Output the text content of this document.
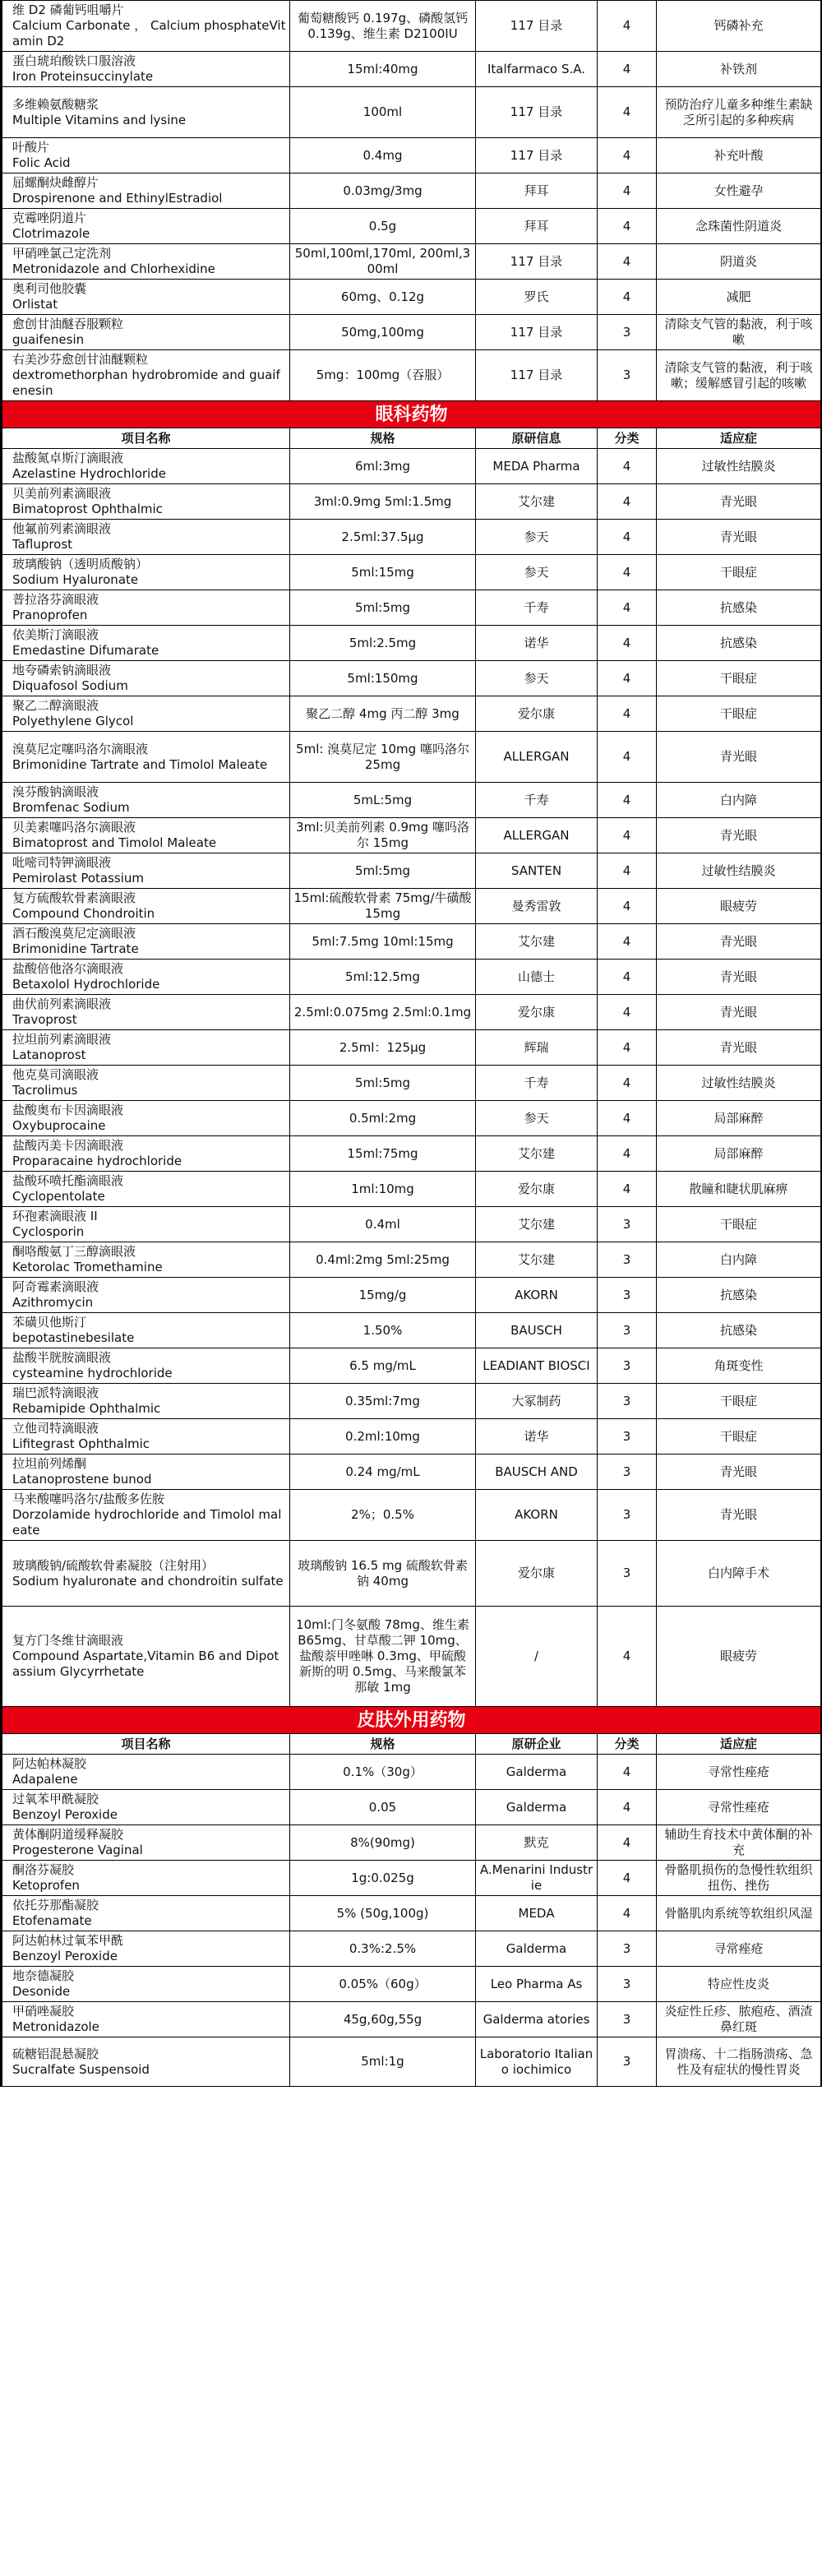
维 D2 磷葡钙咀嚼片
Calcium Carbonate ， Calcium phosphateVitamin D2	葡萄糖酸钙 0.197g、磷酸氢钙 0.139g、维生素 D2100IU	117 目录	4	钙磷补充

蛋白琥珀酸铁口服溶液
Iron Proteinsuccinylate	15ml:40mg	Italfarmaco S.A.	4	补铁剂

多维赖氨酸糖浆
Multiple Vitamins and lysine	100ml	117 目录	4	预防治疗儿童多种维生素缺乏所引起的多种疾病

叶酸片
Folic Acid	0.4mg	117 目录	4	补充叶酸

屈螺酮炔雌醇片
Drospirenone and EthinylEstradiol	0.03mg/3mg	拜耳	4	女性避孕

克霉唑阴道片
Clotrimazole	0.5g	拜耳	4	念珠菌性阴道炎

甲硝唑氯己定洗剂
Metronidazole and Chlorhexidine	50ml,100ml,170ml, 200ml,300ml	117 目录	4	阴道炎

奥利司他胶囊
Orlistat	60mg、0.12g	罗氏	4	减肥

愈创甘油醚吞服颗粒
guaifenesin	50mg,100mg	117 目录	3	清除支气管的黏液，利于咳嗽

右美沙芬愈创甘油醚颗粒
dextromethorphan hydrobromide and guaifenesin	5mg：100mg（吞服）	117 目录	3	清除支气管的黏液，利于咳嗽；缓解感冒引起的咳嗽
眼科药物				
项目名称	规格	原研信息	分类	适应症

盐酸氮卓斯汀滴眼液
Azelastine Hydrochloride	6ml:3mg	MEDA Pharma	4	过敏性结膜炎

贝美前列素滴眼液
Bimatoprost Ophthalmic	3ml:0.9mg 5ml:1.5mg	艾尔建	4	青光眼

他氟前列素滴眼液
Tafluprost	2.5ml:37.5μg	参天	4	青光眼

玻璃酸钠（透明质酸钠）
Sodium Hyaluronate	5ml:15mg	参天	4	干眼症

普拉洛芬滴眼液
Pranoprofen	5ml:5mg	千寿	4	抗感染

依美斯汀滴眼液
Emedastine Difumarate	5ml:2.5mg	诺华	4	抗感染

地夸磷索钠滴眼液
Diquafosol Sodium	5ml:150mg	参天	4	干眼症

聚乙二醇滴眼液
Polyethylene Glycol	聚乙二醇 4mg 丙二醇 3mg	爱尔康	4	干眼症

溴莫尼定噻吗洛尔滴眼液
Brimonidine Tartrate and Timolol Maleate	5ml: 溴莫尼定 10mg 噻吗洛尔 25mg	ALLERGAN	4	青光眼

溴芬酸钠滴眼液
Bromfenac Sodium	5mL:5mg	千寿	4	白内障

贝美素噻吗洛尔滴眼液
Bimatoprost and Timolol Maleate	3ml:贝美前列素 0.9mg 噻吗洛尔 15mg	ALLERGAN	4	青光眼

吡嘧司特钾滴眼液
Pemirolast Potassium	5ml:5mg	SANTEN	4	过敏性结膜炎

复方硫酸软骨素滴眼液
Compound Chondroitin	15ml:硫酸软骨素 75mg/牛磺酸 15mg	曼秀雷敦	4	眼疲劳

酒石酸溴莫尼定滴眼液
Brimonidine Tartrate	5ml:7.5mg 10ml:15mg	艾尔建	4	青光眼

盐酸倍他洛尔滴眼液
Betaxolol Hydrochloride	5ml:12.5mg	山德士	4	青光眼

曲伏前列素滴眼液
Travoprost	2.5ml:0.075mg 2.5ml:0.1mg	爱尔康	4	青光眼

拉坦前列素滴眼液
Latanoprost	2.5ml：125μg	辉瑞	4	青光眼

他克莫司滴眼液
Tacrolimus	5ml:5mg	千寿	4	过敏性结膜炎

盐酸奥布卡因滴眼液
Oxybuprocaine	0.5ml:2mg	参天	4	局部麻醉

盐酸丙美卡因滴眼液
Proparacaine hydrochloride	15ml:75mg	艾尔建	4	局部麻醉

盐酸环喷托酯滴眼液
Cyclopentolate	1ml:10mg	爱尔康	4	散瞳和睫状肌麻痹

环孢素滴眼液 II
Cyclosporin	0.4ml	艾尔建	3	干眼症

酮咯酸氨丁三醇滴眼液
Ketorolac Tromethamine	0.4ml:2mg 5ml:25mg	艾尔建	3	白内障

阿奇霉素滴眼液
Azithromycin	15mg/g	AKORN	3	抗感染

苯磺贝他斯汀
bepotastinebesilate	1.50%	BAUSCH	3	抗感染

盐酸半胱胺滴眼液
cysteamine hydrochloride	6.5 mg/mL	LEADIANT BIOSCI	3	角斑变性

瑞巴派特滴眼液
Rebamipide Ophthalmic	0.35ml:7mg	大冢制药	3	干眼症

立他司特滴眼液
Lifitegrast Ophthalmic	0.2ml:10mg	诺华	3	干眼症

拉坦前列烯酮
Latanoprostene bunod	0.24 mg/mL	BAUSCH AND	3	青光眼

马来酸噻吗洛尔/盐酸多佐胺
Dorzolamide hydrochloride and Timolol maleate	2%；0.5%	AKORN	3	青光眼

玻璃酸钠/硫酸软骨素凝胶（注射用）
Sodium hyaluronate and chondroitin sulfate	玻璃酸钠 16.5 mg 硫酸软骨素钠 40mg	爱尔康	3	白内障手术

复方门冬维甘滴眼液
Compound Aspartate,Vitamin B6 and Dipotassium Glycyrrhetate	10ml:门冬氨酸 78mg、维生素 B65mg、甘草酸二钾 10mg、盐酸萘甲唑啉 0.3mg、甲硫酸新斯的明 0.5mg、马来酸氯苯那敏 1mg	/	4	眼疲劳
皮肤外用药物				
项目名称	规格	原研企业	分类	适应症

阿达帕林凝胶
Adapalene	0.1%（30g）	Galderma	4	寻常性痤疮

过氧苯甲酰凝胶
Benzoyl Peroxide	0.05	Galderma	4	寻常性痤疮

黄体酮阴道缓释凝胶
Progesterone Vaginal	8%(90mg)	默克	4	辅助生育技术中黄体酮的补充

酮洛芬凝胶
Ketoprofen	1g:0.025g	A.Menarini Industrie	4	骨骼肌损伤的急慢性软组织扭伤、挫伤

依托芬那酯凝胶
Etofenamate	5% (50g,100g)	MEDA	4	骨骼肌肉系统等软组织风湿

阿达帕林过氧苯甲酰
Benzoyl Peroxide	0.3%:2.5%	Galderma	3	寻常痤疮

地奈德凝胶
Desonide	0.05%（60g）	Leo Pharma As	3	特应性皮炎

甲硝唑凝胶
Metronidazole	45g,60g,55g	Galderma atories	3	炎症性丘疹、脓疱疮、酒渣鼻红斑

硫糖铝混悬凝胶
Sucralfate Suspensoid	5ml:1g	Laboratorio Italiano iochimico	3	胃溃疡、十二指肠溃疡、急性及有症状的慢性胃炎
